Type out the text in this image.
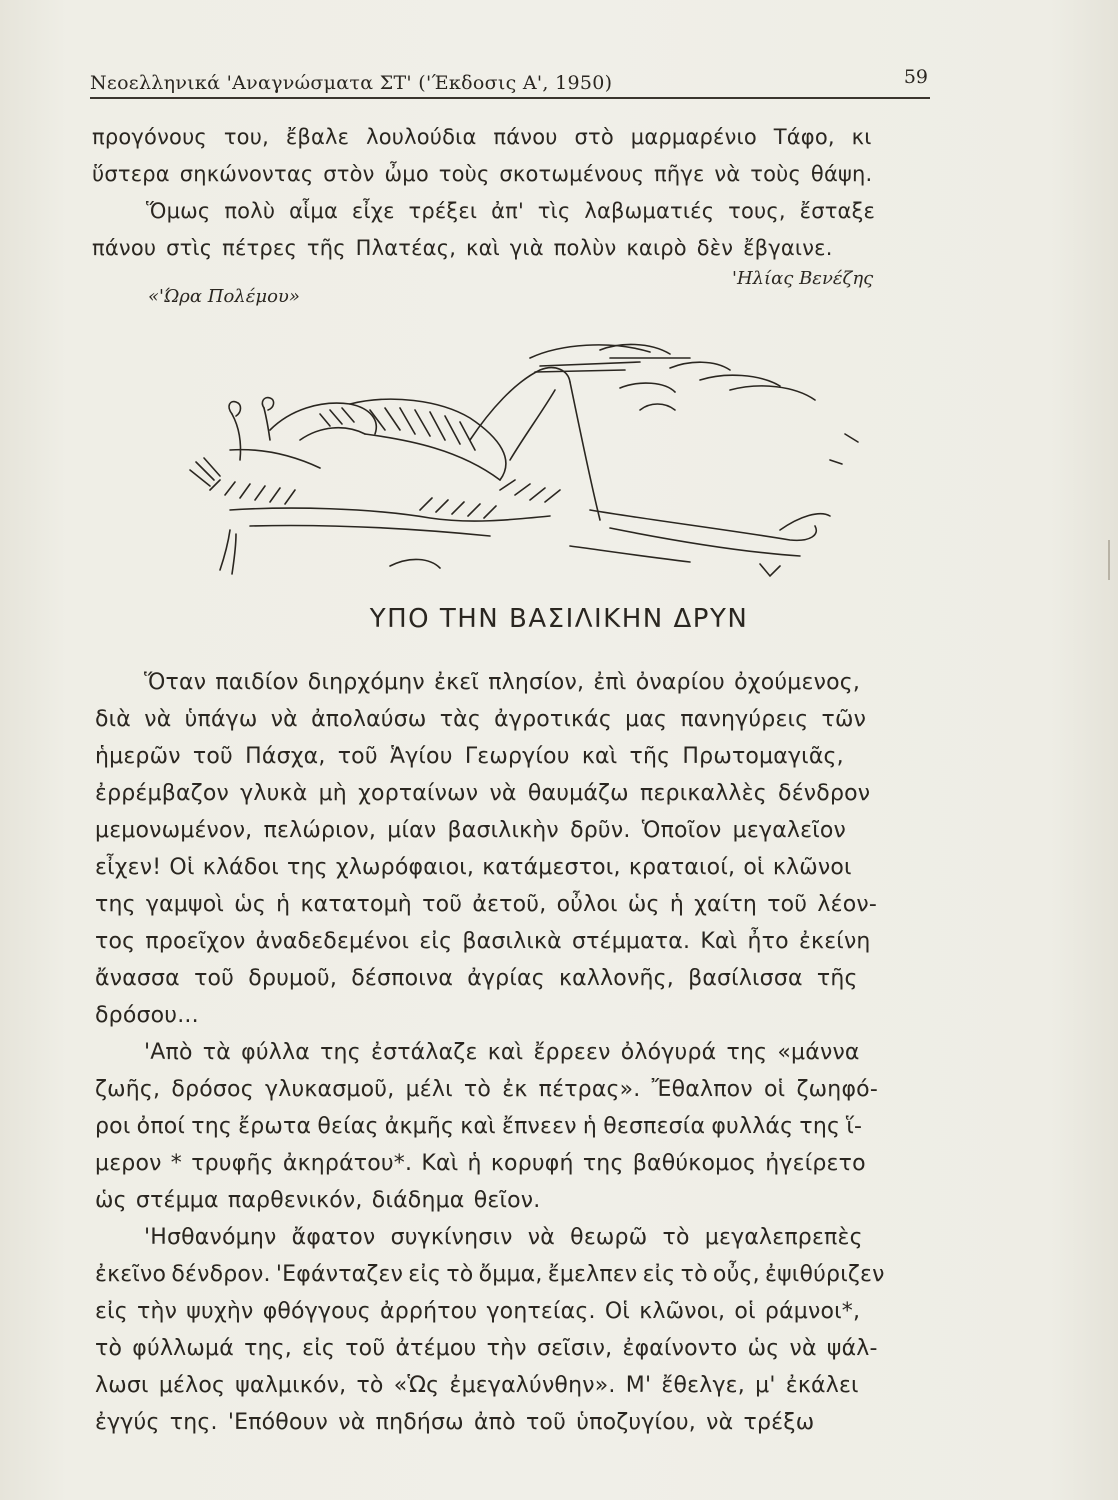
Νεοελληνικά 'Αναγνώσματα ΣΤ' ('Έκδοσις Α', 1950)	59
προγόνους του, ἔβαλε λουλούδια πάνου στὸ μαρμαρένιο Τάφο, κι
ὕστερα σηκώνοντας στὸν ὦμο τοὺς σκοτωμένους πῆγε νὰ τοὺς θάψη.
Ὅμως πολὺ αἷμα εἶχε τρέξει ἀπ' τὶς λαβωματιές τους, ἔσταξε
πάνου στὶς πέτρες τῆς Πλατέας, καὶ γιὰ πολὺν καιρὸ δὲν ἔβγαινε.
'Ηλίας Βενέζης
«'Ώρα Πολέμου»
ΥΠΟ ΤΗΝ ΒΑΣΙΛΙΚΗΝ ΔΡΥΝ
Ὅταν παιδίον διηρχόμην ἐκεῖ πλησίον, ἐπὶ ὀναρίου ὀχούμενος,
διὰ νὰ ὑπάγω νὰ ἀπολαύσω τὰς ἀγροτικάς μας πανηγύρεις τῶν
ἡμερῶν τοῦ Πάσχα, τοῦ Ἁγίου Γεωργίου καὶ τῆς Πρωτομαγιᾶς,
ἐρρέμβαζον γλυκὰ μὴ χορταίνων νὰ θαυμάζω περικαλλὲς δένδρον
μεμονωμένον, πελώριον, μίαν βασιλικὴν δρῦν. Ὁποῖον μεγαλεῖον
εἶχεν! Οἱ κλάδοι της χλωρόφαιοι, κατάμεστοι, κραταιοί, οἱ κλῶνοι
της γαμψοὶ ὡς ἡ κατατομὴ τοῦ ἀετοῦ, οὖλοι ὡς ἡ χαίτη τοῦ λέον-
τος προεῖχον ἀναδεδεμένοι εἰς βασιλικὰ στέμματα. Καὶ ἦτο ἐκείνη
ἄνασσα τοῦ δρυμοῦ, δέσποινα ἀγρίας καλλονῆς, βασίλισσα τῆς
δρόσου...
'Απὸ τὰ φύλλα της ἐστάλαζε καὶ ἔρρεεν ὀλόγυρά της «μάννα
ζωῆς, δρόσος γλυκασμοῦ, μέλι τὸ ἐκ πέτρας». Ἔθαλπον οἱ ζωηφό-
ροι ὀποί της ἔρωτα θείας ἀκμῆς καὶ ἔπνεεν ἡ θεσπεσία φυλλάς της ἵ-
μερον * τρυφῆς ἀκηράτου*. Καὶ ἡ κορυφή της βαθύκομος ἠγείρετο
ὡς στέμμα παρθενικόν, διάδημα θεῖον.
'Ησθανόμην ἄφατον συγκίνησιν νὰ θεωρῶ τὸ μεγαλεπρεπὲς
ἐκεῖνο δένδρον. 'Εφάνταζεν εἰς τὸ ὄμμα, ἔμελπεν εἰς τὸ οὖς, ἐψιθύριζεν
εἰς τὴν ψυχὴν φθόγγους ἀρρήτου γοητείας. Οἱ κλῶνοι, οἱ ράμνοι*,
τὸ φύλλωμά της, εἰς τοῦ ἀτέμου τὴν σεῖσιν, ἐφαίνοντο ὡς νὰ ψάλ-
λωσι μέλος ψαλμικόν, τὸ «Ὡς ἐμεγαλύνθην». Μ' ἔθελγε, μ' ἐκάλει
ἐγγύς της. 'Επόθουν νὰ πηδήσω ἀπὸ τοῦ ὑποζυγίου, νὰ τρέξω
